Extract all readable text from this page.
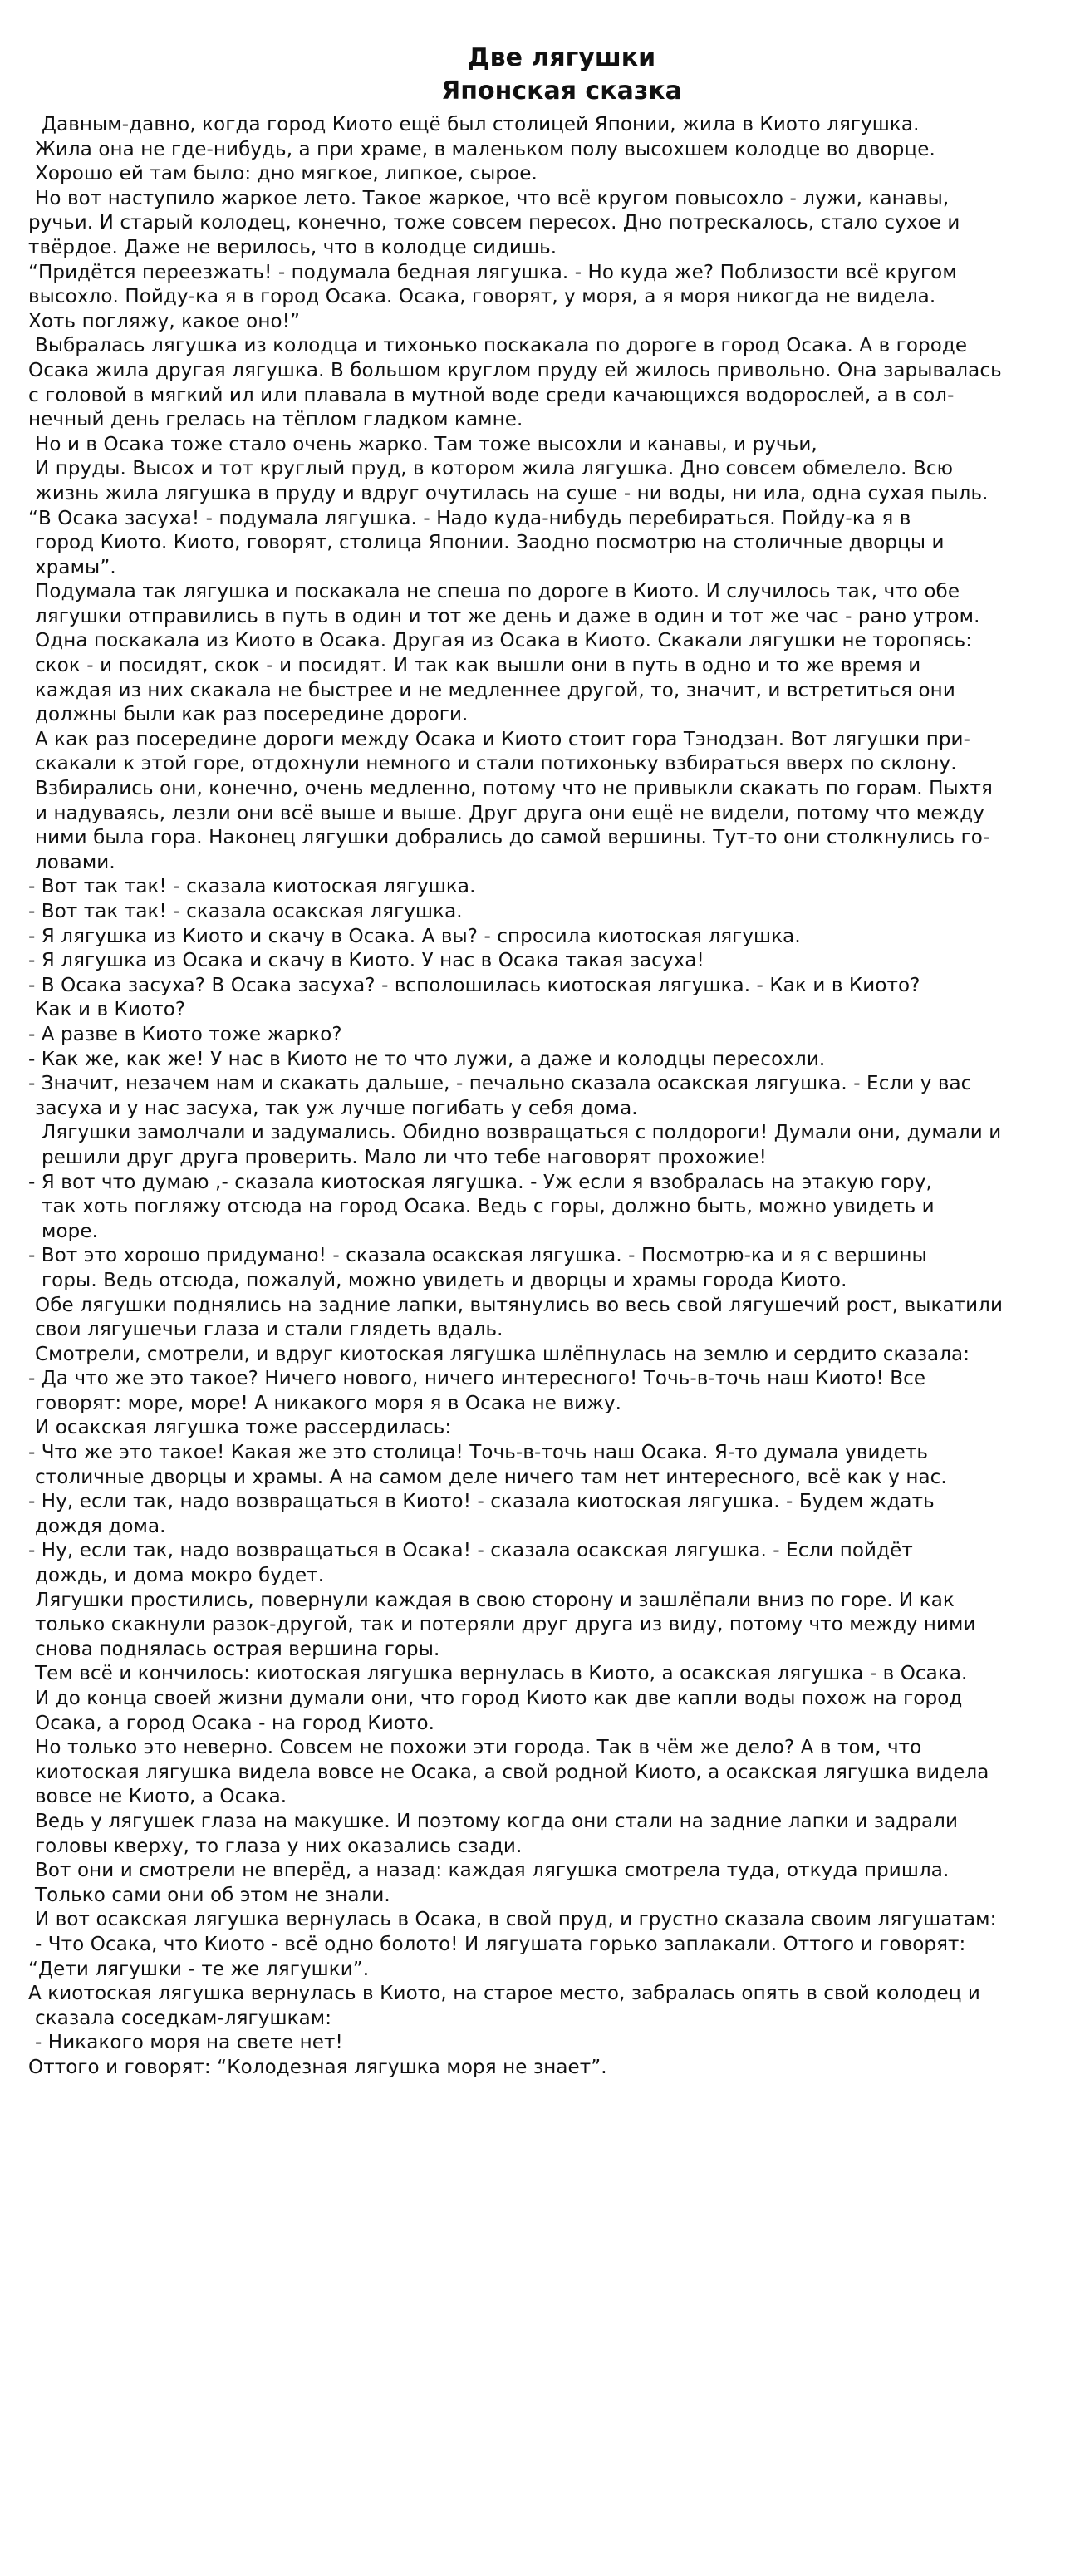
Две лягушки
Японская сказка
Давным-давно, когда город Киото ещё был столицей Японии, жила в Киото лягушка.
Жила она не где-нибудь, а при храме, в маленьком полу высохшем колодце во дворце.
Хорошо ей там было: дно мягкое, липкое, сырое.
Но вот наступило жаркое лето. Такое жаркое, что всё кругом повысохло - лужи, канавы,
ручьи. И старый колодец, конечно, тоже совсем пересох. Дно потрескалось, стало сухое и
твёрдое. Даже не верилось, что в колодце сидишь.
“Придётся переезжать! - подумала бедная лягушка. - Но куда же? Поблизости всё кругом
высохло. Пойду-ка я в город Осака. Осака, говорят, у моря, а я моря никогда не видела.
Хоть погляжу, какое оно!”
Выбралась лягушка из колодца и тихонько поскакала по дороге в город Осака. А в городе
Осака жила другая лягушка. В большом круглом пруду ей жилось привольно. Она зарывалась
с головой в мягкий ил или плавала в мутной воде среди качающихся водорослей, а в сол-
нечный день грелась на тёплом гладком камне.
Но и в Осака тоже стало очень жарко. Там тоже высохли и канавы, и ручьи,
И пруды. Высох и тот круглый пруд, в котором жила лягушка. Дно совсем обмелело. Всю
жизнь жила лягушка в пруду и вдруг очутилась на суше - ни воды, ни ила, одна сухая пыль.
“В Осака засуха! - подумала лягушка. - Надо куда-нибудь перебираться. Пойду-ка я в
город Киото. Киото, говорят, столица Японии. Заодно посмотрю на столичные дворцы и
храмы”.
Подумала так лягушка и поскакала не спеша по дороге в Киото. И случилось так, что обе
лягушки отправились в путь в один и тот же день и даже в один и тот же час - рано утром.
Одна поскакала из Киото в Осака. Другая из Осака в Киото. Скакали лягушки не торопясь:
скок - и посидят, скок - и посидят. И так как вышли они в путь в одно и то же время и
каждая из них скакала не быстрее и не медленнее другой, то, значит, и встретиться они
должны были как раз посередине дороги.
А как раз посередине дороги между Осака и Киото стоит гора Тэнодзан. Вот лягушки при-
скакали к этой горе, отдохнули немного и стали потихоньку взбираться вверх по склону.
Взбирались они, конечно, очень медленно, потому что не привыкли скакать по горам. Пыхтя
и надуваясь, лезли они всё выше и выше. Друг друга они ещё не видели, потому что между
ними была гора. Наконец лягушки добрались до самой вершины. Тут-то они столкнулись го-
ловами.
- Вот так так! - сказала киотоская лягушка.
- Вот так так! - сказала осакская лягушка.
- Я лягушка из Киото и скачу в Осака. А вы? - спросила киотоская лягушка.
- Я лягушка из Осака и скачу в Киото. У нас в Осака такая засуха!
- В Осака засуха? В Осака засуха? - всполошилась киотоская лягушка. - Как и в Киото?
Как и в Киото?
- А разве в Киото тоже жарко?
- Как же, как же! У нас в Киото не то что лужи, а даже и колодцы пересохли.
- Значит, незачем нам и скакать дальше, - печально сказала осакская лягушка. - Если у вас
засуха и у нас засуха, так уж лучше погибать у себя дома.
Лягушки замолчали и задумались. Обидно возвращаться с полдороги! Думали они, думали и
решили друг друга проверить. Мало ли что тебе наговорят прохожие!
- Я вот что думаю ,- сказала киотоская лягушка. - Уж если я взобралась на этакую гору,
так хоть погляжу отсюда на город Осака. Ведь с горы, должно быть, можно увидеть и
море.
- Вот это хорошо придумано! - сказала осакская лягушка. - Посмотрю-ка и я с вершины
горы. Ведь отсюда, пожалуй, можно увидеть и дворцы и храмы города Киото.
Обе лягушки поднялись на задние лапки, вытянулись во весь свой лягушечий рост, выкатили
свои лягушечьи глаза и стали глядеть вдаль.
Смотрели, смотрели, и вдруг киотоская лягушка шлёпнулась на землю и сердито сказала:
- Да что же это такое? Ничего нового, ничего интересного! Точь-в-точь наш Киото! Все
говорят: море, море! А никакого моря я в Осака не вижу.
И осакская лягушка тоже рассердилась:
- Что же это такое! Какая же это столица! Точь-в-точь наш Осака. Я-то думала увидеть
столичные дворцы и храмы. А на самом деле ничего там нет интересного, всё как у нас.
- Ну, если так, надо возвращаться в Киото! - сказала киотоская лягушка. - Будем ждать
дождя дома.
- Ну, если так, надо возвращаться в Осака! - сказала осакская лягушка. - Если пойдёт
дождь, и дома мокро будет.
Лягушки простились, повернули каждая в свою сторону и зашлёпали вниз по горе. И как
только скакнули разок-другой, так и потеряли друг друга из виду, потому что между ними
снова поднялась острая вершина горы.
Тем всё и кончилось: киотоская лягушка вернулась в Киото, а осакская лягушка - в Осака.
И до конца своей жизни думали они, что город Киото как две капли воды похож на город
Осака, а город Осака - на город Киото.
Но только это неверно. Совсем не похожи эти города. Так в чём же дело? А в том, что
киотоская лягушка видела вовсе не Осака, а свой родной Киото, а осакская лягушка видела
вовсе не Киото, а Осака.
Ведь у лягушек глаза на макушке. И поэтому когда они стали на задние лапки и задрали
головы кверху, то глаза у них оказались сзади.
Вот они и смотрели не вперёд, а назад: каждая лягушка смотрела туда, откуда пришла.
Только сами они об этом не знали.
И вот осакская лягушка вернулась в Осака, в свой пруд, и грустно сказала своим лягушатам:
- Что Осака, что Киото - всё одно болото! И лягушата горько заплакали. Оттого и говорят:
“Дети лягушки - те же лягушки”.
А киотоская лягушка вернулась в Киото, на старое место, забралась опять в свой колодец и
сказала соседкам-лягушкам:
- Никакого моря на свете нет!
Оттого и говорят: “Колодезная лягушка моря не знает”.
